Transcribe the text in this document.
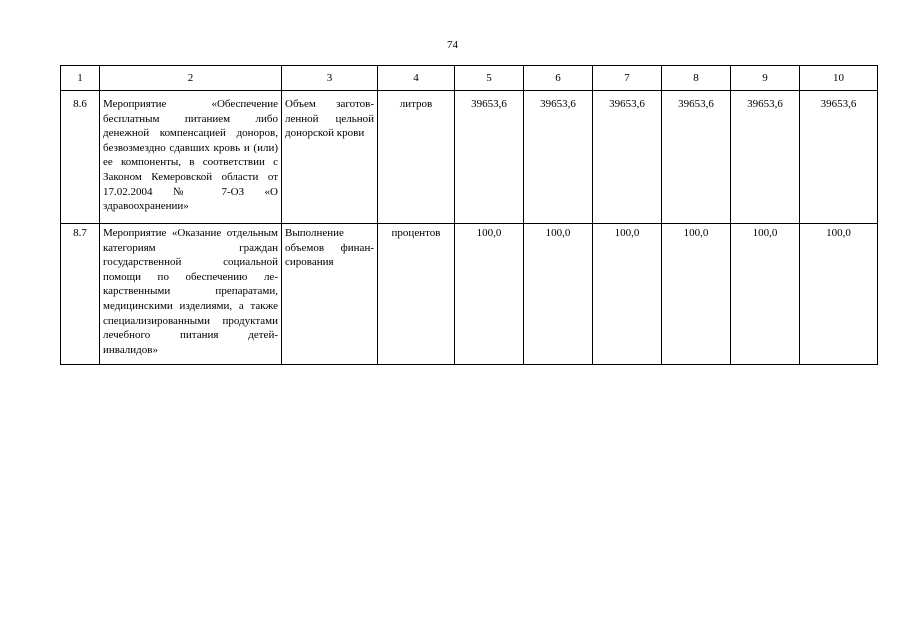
74
1	2	3	4	5	6	7	8	9	10
8.6	Мероприятие «Обеспечение бесплатным питанием либо денежной компенсацией доноров, безвозмездно сдавших кровь и (или) ее компоненты, в соответствии с Законом Кемеровской области от 17.02.2004 № 7-ОЗ «О здравоохранении»	Объем заготовленной цельной донорской крови	литров	39653,6	39653,6	39653,6	39653,6	39653,6	39653,6
8.7	Мероприятие «Оказание отдельным категориям граждан государственной социальной помощи по обеспечению лекарственными препаратами, медицинскими изделиями, а также специализированными продуктами лечебного питания детей-инвалидов»	Выполнение объемов финансирования	процентов	100,0	100,0	100,0	100,0	100,0	100,0
